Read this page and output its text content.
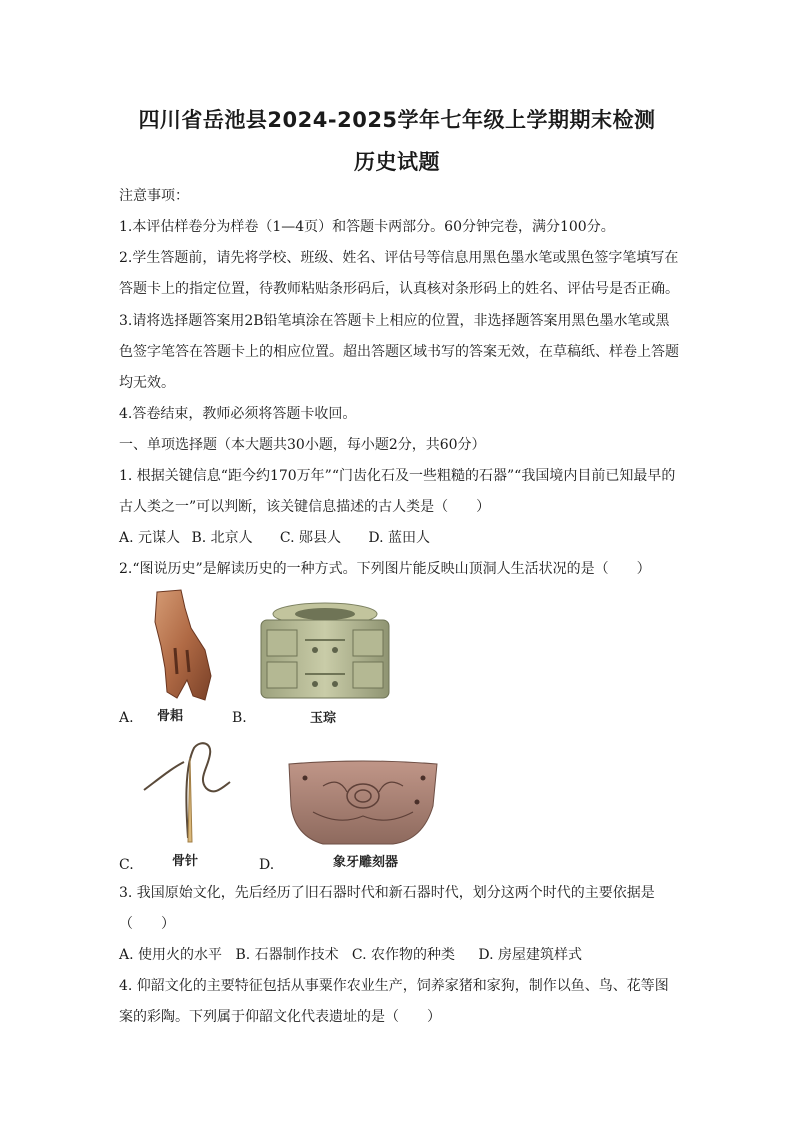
四川省岳池县2024-2025学年七年级上学期期末检测
历史试题
注意事项：
1.本评估样卷分为样卷（1—4页）和答题卡两部分。60分钟完卷，满分100分。
2.学生答题前，请先将学校、班级、姓名、评估号等信息用黑色墨水笔或黑色签字笔填写在
答题卡上的指定位置，待教师粘贴条形码后，认真核对条形码上的姓名、评估号是否正确。
3.请将选择题答案用2B铅笔填涂在答题卡上相应的位置，非选择题答案用黑色墨水笔或黑
色签字笔答在答题卡上的相应位置。超出答题区域书写的答案无效，在草稿纸、样卷上答题
均无效。
4.答卷结束，教师必须将答题卡收回。
一、单项选择题（本大题共30小题，每小题2分，共60分）
1. 根据关键信息“距今约170万年”“门齿化石及一些粗糙的石器”“我国境内目前已知最早的
古人类之一”可以判断，该关键信息描述的古人类是（　　）
A. 元谋人 B. 北京人 C. 郧县人 D. 蓝田人
2.“图说历史”是解读历史的一种方式。下列图片能反映山顶洞人生活状况的是（　　）
A. 骨耜	B.	玉琮
C.	骨针	D.	象牙雕刻器
3. 我国原始文化，先后经历了旧石器时代和新石器时代，划分这两个时代的主要依据是
（　　）
A. 使用火的水平 B. 石器制作技术 C. 农作物的种类 D. 房屋建筑样式
4. 仰韶文化的主要特征包括从事粟作农业生产，饲养家猪和家狗，制作以鱼、鸟、花等图
案的彩陶。下列属于仰韶文化代表遗址的是（　　）
